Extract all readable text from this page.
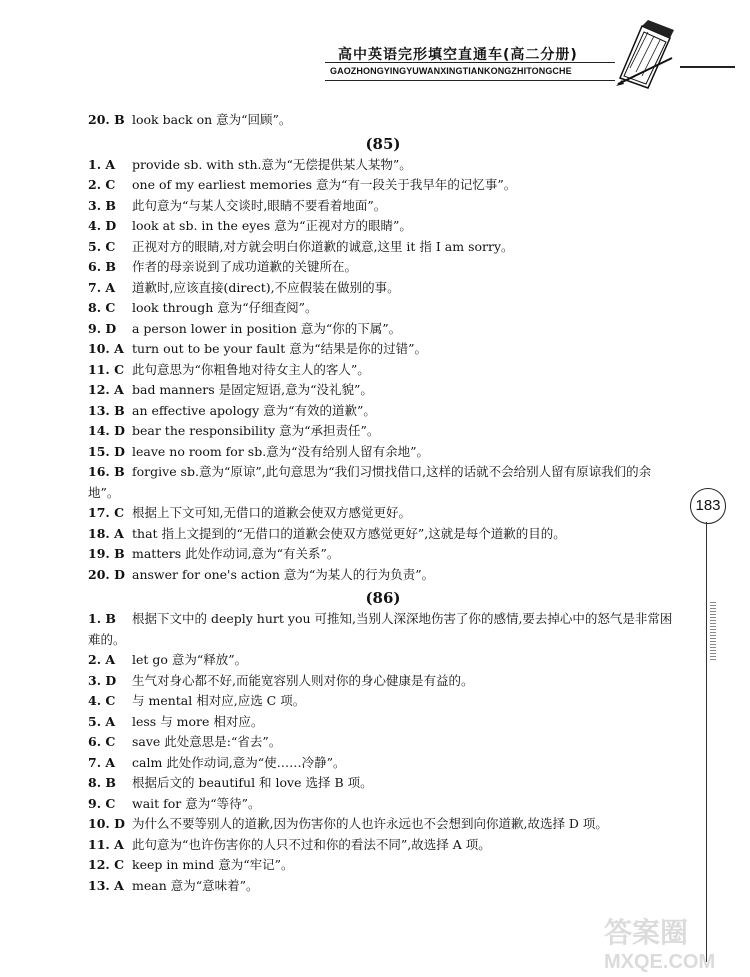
高中英语完形填空直通车(高二分册)
GAOZHONGYINGYUWANXINGTIANKONGZHITONGCHE
20. B look back on 意为“回顾”。
(85)
1. A provide sb. with sth.意为“无偿提供某人某物”。
2. C one of my earliest memories 意为“有一段关于我早年的记忆事”。
3. B 此句意为“与某人交谈时,眼睛不要看着地面”。
4. D look at sb. in the eyes 意为“正视对方的眼睛”。
5. C 正视对方的眼睛,对方就会明白你道歉的诚意,这里 it 指 I am sorry。
6. B 作者的母亲说到了成功道歉的关键所在。
7. A 道歉时,应该直接(direct),不应假装在做别的事。
8. C look through 意为“仔细查阅”。
9. D a person lower in position 意为“你的下属”。
10. A turn out to be your fault 意为“结果是你的过错”。
11. C 此句意思为“你粗鲁地对待女主人的客人”。
12. A bad manners 是固定短语,意为“没礼貌”。
13. B an effective apology 意为“有效的道歉”。
14. D bear the responsibility 意为“承担责任”。
15. D leave no room for sb.意为“没有给别人留有余地”。
16. B forgive sb.意为“原谅”,此句意思为“我们习惯找借口,这样的话就不会给别人留有原谅我们的余地”。
17. C 根据上下文可知,无借口的道歉会使双方感觉更好。
18. A that 指上文提到的“无借口的道歉会使双方感觉更好”,这就是每个道歉的目的。
19. B matters 此处作动词,意为“有关系”。
20. D answer for one's action 意为“为某人的行为负责”。
(86)
1. B 根据下文中的 deeply hurt you 可推知,当别人深深地伤害了你的感情,要去掉心中的怒气是非常困难的。
2. A let go 意为“释放”。
3. D 生气对身心都不好,而能宽容别人则对你的身心健康是有益的。
4. C 与 mental 相对应,应选 C 项。
5. A less 与 more 相对应。
6. C save 此处意思是:“省去”。
7. A calm 此处作动词,意为“使……冷静”。
8. B 根据后文的 beautiful 和 love 选择 B 项。
9. C wait for 意为“等待”。
10. D 为什么不要等别人的道歉,因为伤害你的人也许永远也不会想到向你道歉,故选择 D 项。
11. A 此句意为“也许伤害你的人只不过和你的看法不同”,故选择 A 项。
12. C keep in mind 意为“牢记”。
13. A mean 意为“意味着”。
183
答案圈
MXQE.COM
